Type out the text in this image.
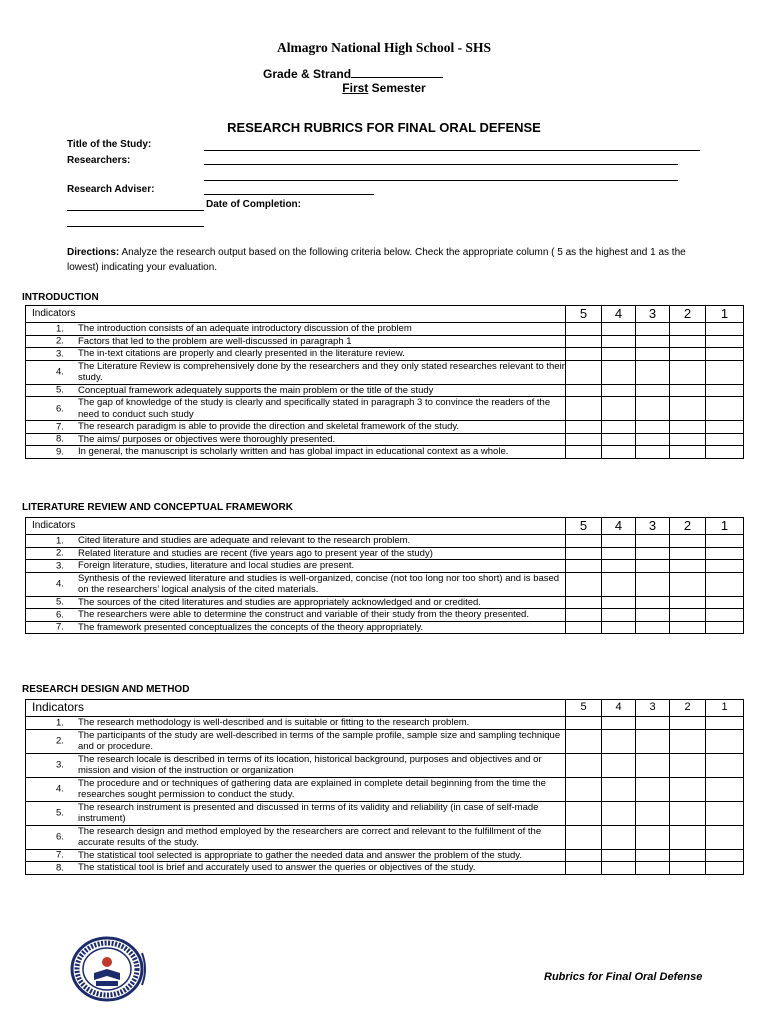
Almagro National High School - SHS
Grade & Strand
First Semester
RESEARCH RUBRICS FOR FINAL ORAL DEFENSE
Title of the Study:
Researchers:
Research Adviser:
Date of Completion:
Directions: Analyze the research output based on the following criteria below. Check the appropriate column ( 5 as the highest and 1 as the lowest) indicating your evaluation.
INTRODUCTION
Indicators	5	4	3	2	1

1. The introduction consists of an adequate introductory discussion of the problem					

2. Factors that led to the problem are well-discussed in paragraph 1					

3. The in-text citations are properly and clearly presented in the literature review.					

4.
The Literature Review is comprehensively done by the researchers and they only stated researches relevant to their study.					

5. Conceptual framework adequately supports the main problem or the title of the study					

6.
The gap of knowledge of the study is clearly and specifically stated in paragraph 3 to convince the readers of the need to conduct such study					

7. The research paradigm is able to provide the direction and skeletal framework of the study.					

8. The aims/ purposes or objectives were thoroughly presented.					

9. In general, the manuscript is scholarly written and has global impact in educational context as a whole.					
LITERATURE REVIEW AND CONCEPTUAL FRAMEWORK
Indicators	5	4	3	2	1

1. Cited literature and studies are adequate and relevant to the research problem.					

2. Related literature and studies are recent (five years ago to present year of the study)					

3. Foreign literature, studies, literature and local studies are present.					

4.
Synthesis of the reviewed literature and studies is well-organized, concise (not too long nor too short) and is based on the researchers’ logical analysis of the cited materials.					

5. The sources of the cited literatures and studies are appropriately acknowledged and or credited.					

6. The researchers were able to determine the construct and variable of their study from the theory presented.					

7. The framework presented conceptualizes the concepts of the theory appropriately.					
RESEARCH DESIGN AND METHOD
Indicators	5	4	3	2	1

1. The research methodology is well-described and is suitable or fitting to the research problem.					

2.
The participants of the study are well-described in terms of the sample profile, sample size and sampling technique and or procedure.					

3.
The research locale is described in terms of its location, historical background, purposes and objectives and or mission and vision of the instruction or organization					

4.
The procedure and or techniques of gathering data are explained in complete detail beginning from the time the researches sought permission to conduct the study.					

5.
The research instrument is presented and discussed in terms of its validity and reliability (in case of self-made instrument)					

6.
The research design and method employed by the researchers are correct and relevant to the fulfillment of the accurate results of the study.					

7. The statistical tool selected is appropriate to gather the needed data and answer the problem of the study.					

8. The statistical tool is brief and accurately used to answer the queries or objectives of the study.					
Rubrics for Final Oral Defense
